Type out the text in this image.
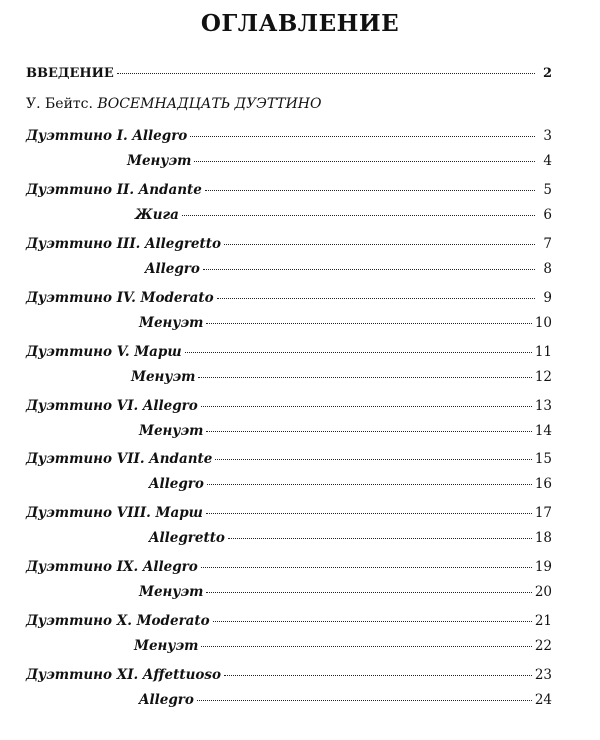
ОГЛАВЛЕНИЕ
ВВЕДЕНИЕ	2
У. Бейтс. ВОСЕМНАДЦАТЬ ДУЭТТИНО
Дуэттино I. Allegro	3
Менуэт	4
Дуэттино II. Andante	5
Жига	6
Дуэттино III. Allegretto	7
Allegro	8
Дуэттино IV. Moderato	9
Менуэт	10
Дуэттино V. Марш	11
Менуэт	12
Дуэттино VI. Allegro	13
Менуэт	14
Дуэттино VII. Andante	15
Allegro	16
Дуэттино VIII. Марш	17
Allegretto	18
Дуэттино IX. Allegro	19
Менуэт	20
Дуэттино X. Moderato	21
Менуэт	22
Дуэттино XI. Affettuoso	23
Allegro	24
